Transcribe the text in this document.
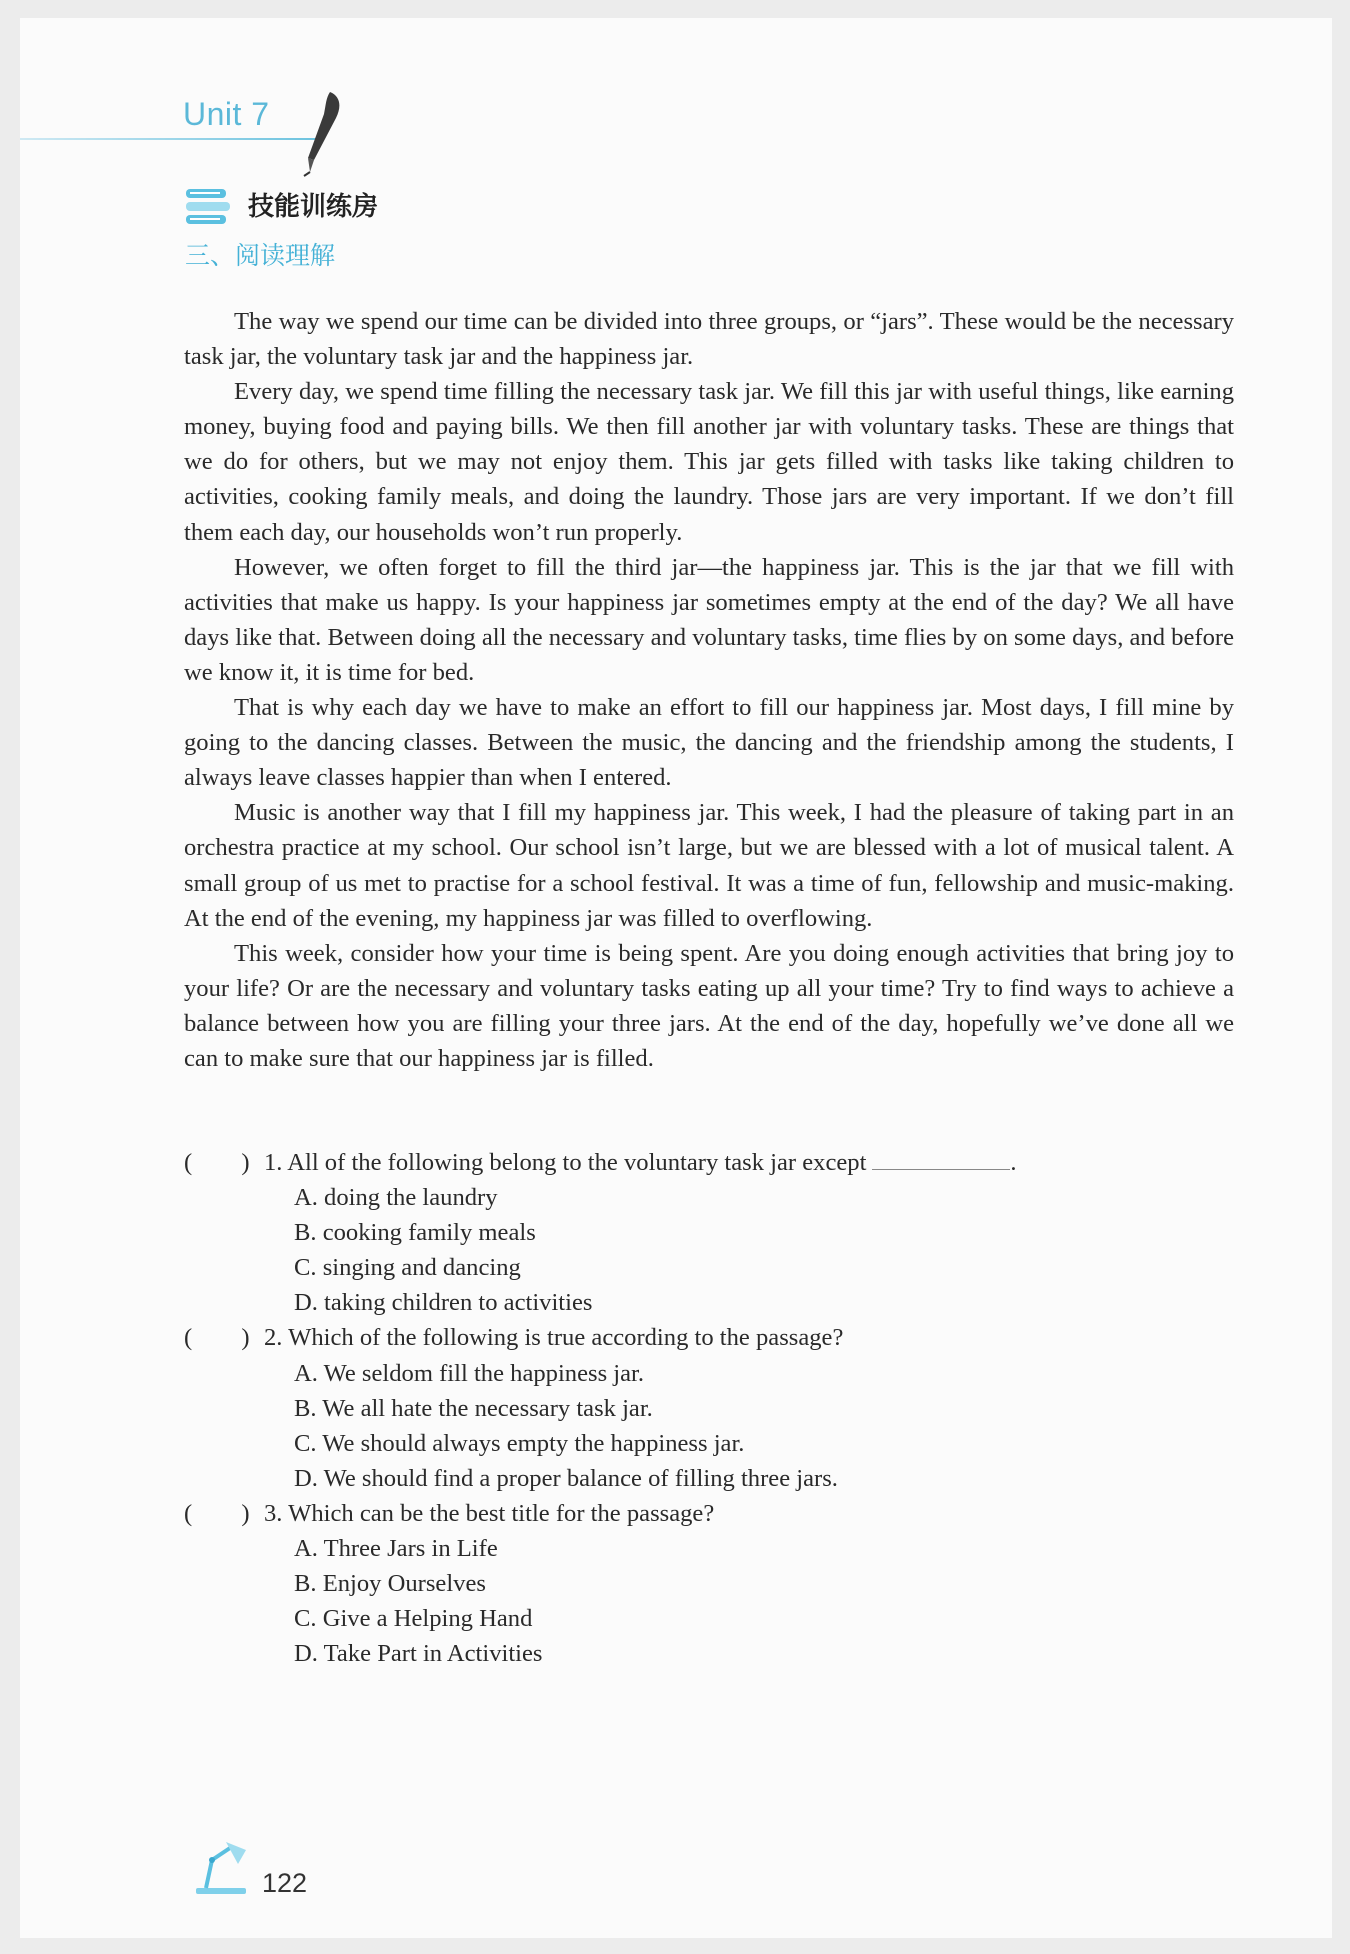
Unit 7
技能训练房
三、阅读理解

The way we spend our time can be divided into three groups, or “jars”. These would be the necessary task jar, the voluntary task jar and the happiness jar.

Every day, we spend time filling the necessary task jar. We fill this jar with useful things, like earning money, buying food and paying bills. We then fill another jar with voluntary tasks. These are things that we do for others, but we may not enjoy them. This jar gets filled with tasks like taking children to activities, cooking family meals, and doing the laundry. Those jars are very important. If we don’t fill them each day, our households won’t run properly.

However, we often forget to fill the third jar—the happiness jar. This is the jar that we fill with activities that make us happy. Is your happiness jar sometimes empty at the end of the day? We all have days like that. Between doing all the necessary and voluntary tasks, time flies by on some days, and before we know it, it is time for bed.

That is why each day we have to make an effort to fill our happiness jar. Most days, I fill mine by going to the dancing classes. Between the music, the dancing and the friendship among the students, I always leave classes happier than when I entered.

Music is another way that I fill my happiness jar. This week, I had the pleasure of taking part in an orchestra practice at my school. Our school isn’t large, but we are blessed with a lot of musical talent. A small group of us met to practise for a school festival. It was a time of fun, fellowship and music-making. At the end of the evening, my happiness jar was filled to overflowing.

This week, consider how your time is being spent. Are you doing enough activities that bring joy to your life? Or are the necessary and voluntary tasks eating up all your time? Try to find ways to achieve a balance between how you are filling your three jars. At the end of the day, hopefully we’ve done all we can to make sure that our happiness jar is filled.

(        ) 1. All of the following belong to the voluntary task jar except	.
A. doing the laundry
B. cooking family meals
C. singing and dancing
D. taking children to activities
(        ) 2. Which of the following is true according to the passage?
A. We seldom fill the happiness jar.
B. We all hate the necessary task jar.
C. We should always empty the happiness jar.
D. We should find a proper balance of filling three jars.
(        ) 3. Which can be the best title for the passage?
A. Three Jars in Life
B. Enjoy Ourselves
C. Give a Helping Hand
D. Take Part in Activities
122
